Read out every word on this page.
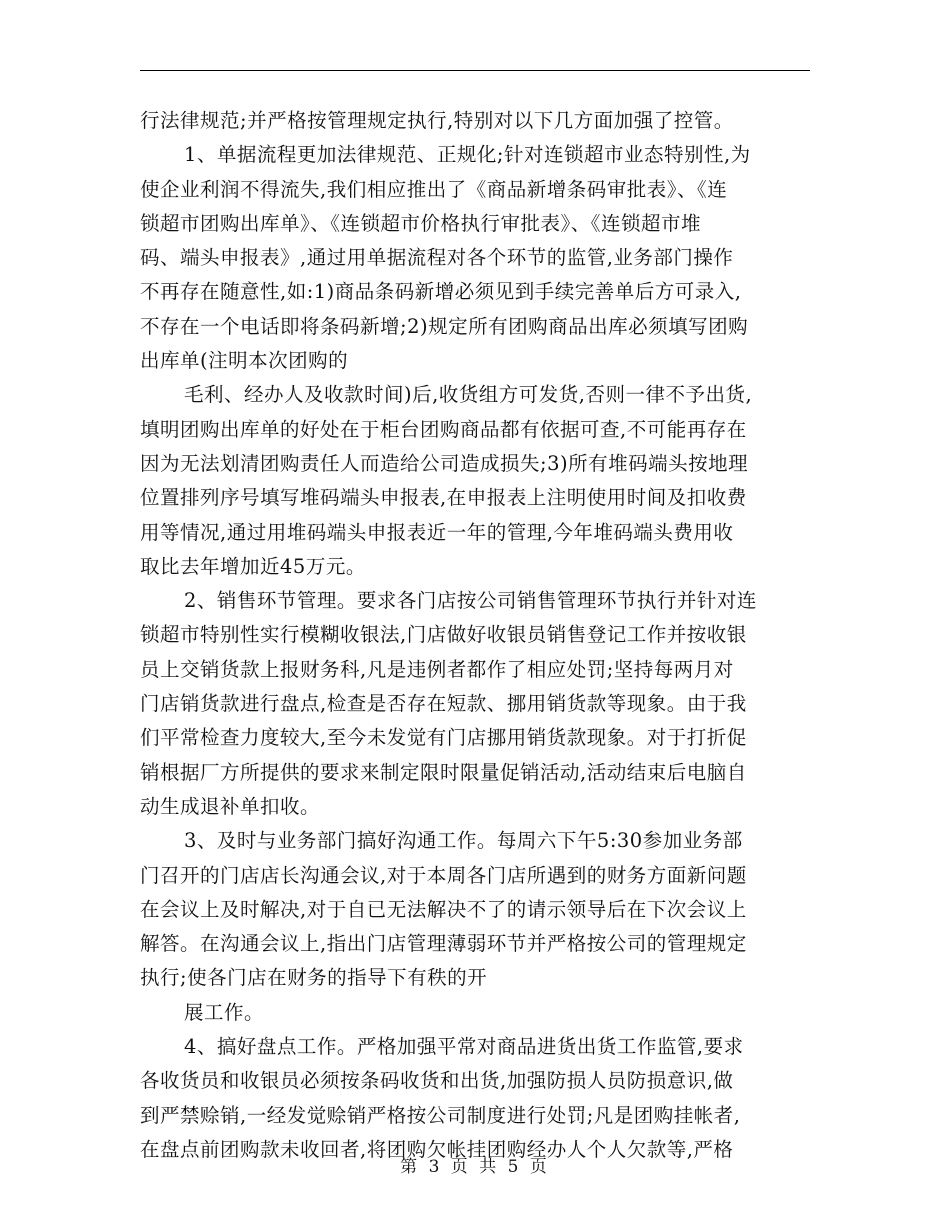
行法律规范;并严格按管理规定执行,特别对以下几方面加强了控管。
1、单据流程更加法律规范、正规化;针对连锁超市业态特别性,为
使企业利润不得流失,我们相应推出了《商品新增条码审批表》、《连
锁超市团购出库单》、《连锁超市价格执行审批表》、《连锁超市堆
码、端头申报表》,通过用单据流程对各个环节的监管,业务部门操作
不再存在随意性,如:1)商品条码新增必须见到手续完善单后方可录入,
不存在一个电话即将条码新增;2)规定所有团购商品出库必须填写团购
出库单(注明本次团购的
毛利、经办人及收款时间)后,收货组方可发货,否则一律不予出货,
填明团购出库单的好处在于柜台团购商品都有依据可查,不可能再存在
因为无法划清团购责任人而造给公司造成损失;3)所有堆码端头按地理
位置排列序号填写堆码端头申报表,在申报表上注明使用时间及扣收费
用等情况,通过用堆码端头申报表近一年的管理,今年堆码端头费用收
取比去年增加近45万元。
2、销售环节管理。要求各门店按公司销售管理环节执行并针对连
锁超市特别性实行模糊收银法,门店做好收银员销售登记工作并按收银
员上交销货款上报财务科,凡是违例者都作了相应处罚;坚持每两月对
门店销货款进行盘点,检查是否存在短款、挪用销货款等现象。由于我
们平常检查力度较大,至今未发觉有门店挪用销货款现象。对于打折促
销根据厂方所提供的要求来制定限时限量促销活动,活动结束后电脑自
动生成退补单扣收。
3、及时与业务部门搞好沟通工作。每周六下午5:30参加业务部
门召开的门店店长沟通会议,对于本周各门店所遇到的财务方面新问题
在会议上及时解决,对于自已无法解决不了的请示领导后在下次会议上
解答。在沟通会议上,指出门店管理薄弱环节并严格按公司的管理规定
执行;使各门店在财务的指导下有秩的开
展工作。
4、搞好盘点工作。严格加强平常对商品进货出货工作监管,要求
各收货员和收银员必须按条码收货和出货,加强防损人员防损意识,做
到严禁赊销,一经发觉赊销严格按公司制度进行处罚;凡是团购挂帐者,
在盘点前团购款未收回者,将团购欠帐挂团购经办人个人欠款等,严格
第 3 页 共 5 页
